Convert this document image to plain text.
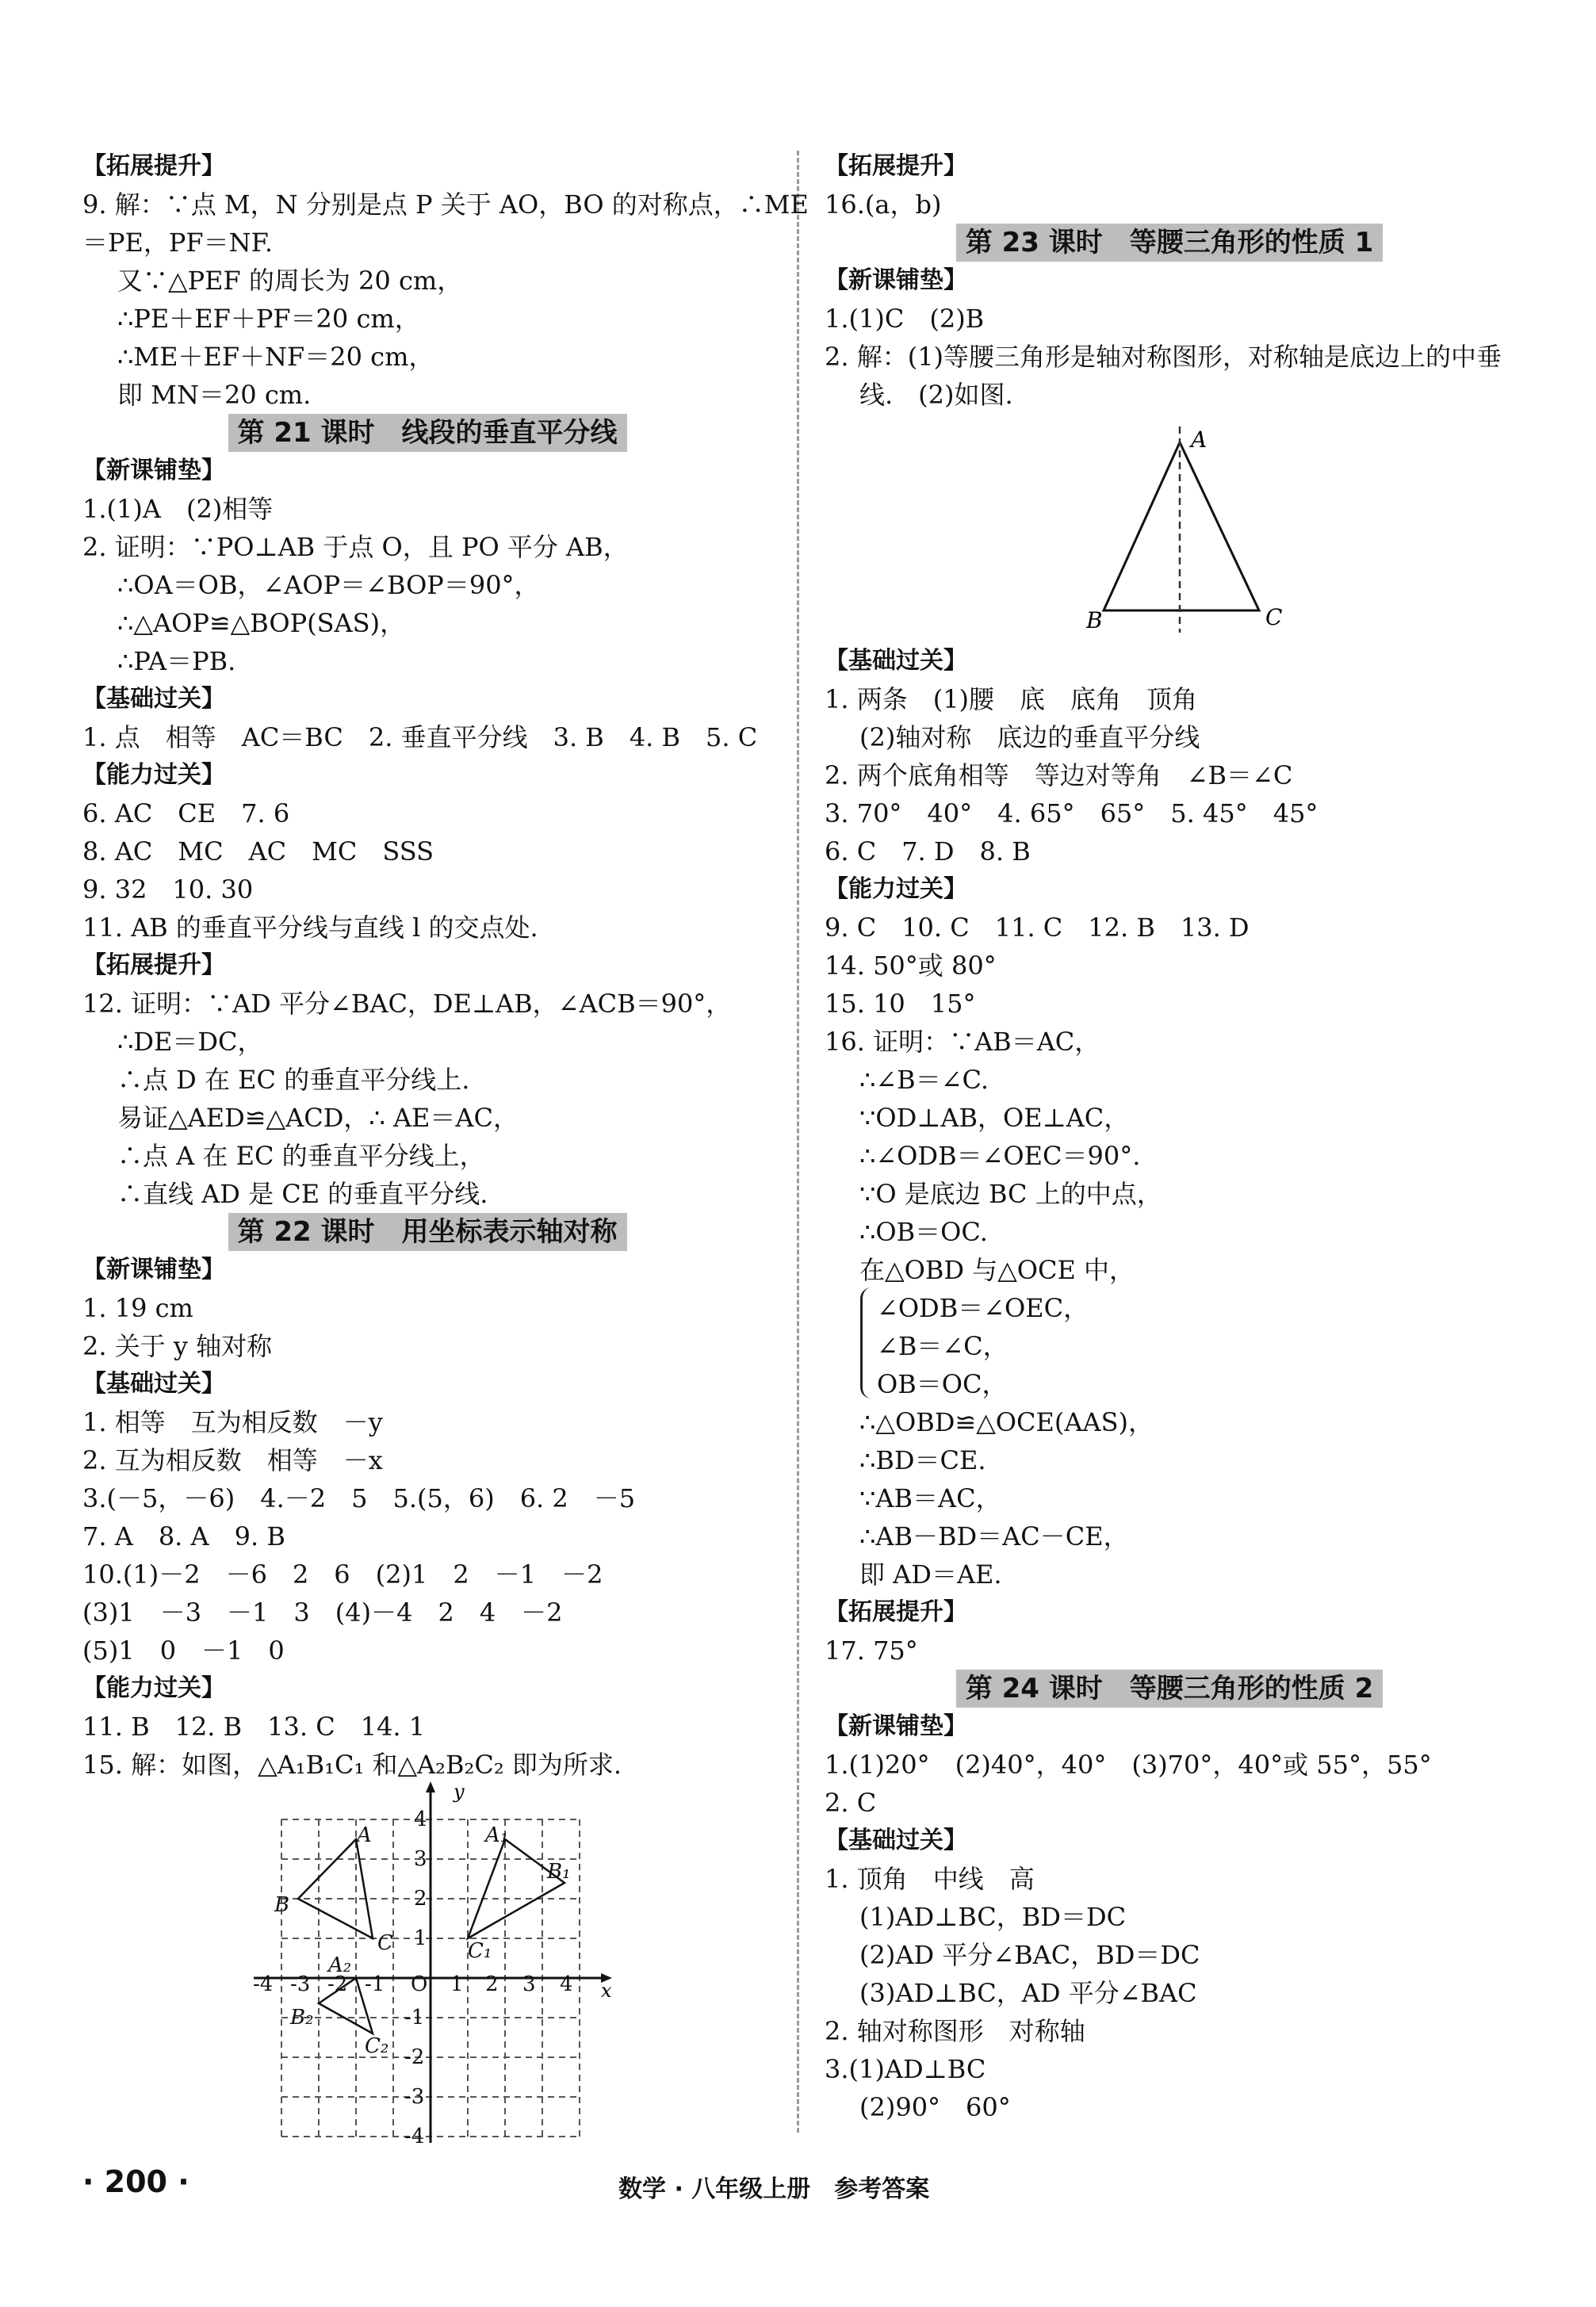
【拓展提升】
9. 解：∵点 M，N 分别是点 P 关于 AO，BO 的对称点，∴ME
＝PE，PF＝NF.
又∵△PEF 的周长为 20 cm，
∴PE＋EF＋PF＝20 cm，
∴ME＋EF＋NF＝20 cm，
即 MN＝20 cm.
第 21 课时　线段的垂直平分线
【新课铺垫】
1.(1)A　(2)相等
2. 证明：∵PO⊥AB 于点 O，且 PO 平分 AB，
∴OA＝OB，∠AOP＝∠BOP＝90°，
∴△AOP≌△BOP(SAS)，
∴PA＝PB.
【基础过关】
1. 点　相等　AC＝BC　2. 垂直平分线　3. B　4. B　5. C
【能力过关】
6. AC　CE　7. 6
8. AC　MC　AC　MC　SSS
9. 32　10. 30
11. AB 的垂直平分线与直线 l 的交点处.
【拓展提升】
12. 证明：∵AD 平分∠BAC，DE⊥AB，∠ACB＝90°，
∴DE＝DC，
∴点 D 在 EC 的垂直平分线上.
易证△AED≌△ACD，∴ AE＝AC，
∴点 A 在 EC 的垂直平分线上，
∴直线 AD 是 CE 的垂直平分线.
第 22 课时　用坐标表示轴对称
【新课铺垫】
1. 19 cm
2. 关于 y 轴对称
【基础过关】
1. 相等　互为相反数　－y
2. 互为相反数　相等　－x
3.(－5，－6)　4.－2　5　5.(5，6)　6. 2　－5
7. A　8. A　9. B
10.(1)－2　－6　2　6　(2)1　2　－1　－2
(3)1　－3　－1　3　(4)－4　2　4　－2
(5)1　0　－1　0
【能力过关】
11. B　12. B　13. C　14. 1
15. 解：如图，△A₁B₁C₁ 和△A₂B₂C₂ 即为所求.
y
x
-4 -3 -2 -1 O 1 2 3 4
4
3
2
1
-1
-2
-3
-4
A
B
C
A₁
B₁
C₁
A₂
B₂
C₂
【拓展提升】
16.(a，b)
第 23 课时　等腰三角形的性质 1
【新课铺垫】
1.(1)C　(2)B
2. 解：(1)等腰三角形是轴对称图形，对称轴是底边上的中垂
线.　(2)如图.
【基础过关】
1. 两条　(1)腰　底　底角　顶角
(2)轴对称　底边的垂直平分线
2. 两个底角相等　等边对等角　∠B＝∠C
3. 70°　40°　4. 65°　65°　5. 45°　45°
6. C　7. D　8. B
【能力过关】
9. C　10. C　11. C　12. B　13. D
14. 50°或 80°
15. 10　15°
16. 证明：∵AB＝AC，
∴∠B＝∠C.
∵OD⊥AB，OE⊥AC，
∴∠ODB＝∠OEC＝90°.
∵O 是底边 BC 上的中点，
∴OB＝OC.
在△OBD 与△OCE 中，
∠ODB＝∠OEC，
∠B＝∠C，
OB＝OC，
∴△OBD≌△OCE(AAS)，
∴BD＝CE.
∵AB＝AC，
∴AB－BD＝AC－CE，
即 AD＝AE.
【拓展提升】
17. 75°
第 24 课时　等腰三角形的性质 2
【新课铺垫】
1.(1)20°　(2)40°，40°　(3)70°，40°或 55°，55°
2. C
【基础过关】
1. 顶角　中线　高
(1)AD⊥BC，BD＝DC
(2)AD 平分∠BAC，BD＝DC
(3)AD⊥BC，AD 平分∠BAC
2. 轴对称图形　对称轴
3.(1)AD⊥BC
(2)90°　60°
A
B	C
· 200 ·	数学 · 八年级上册　参考答案
